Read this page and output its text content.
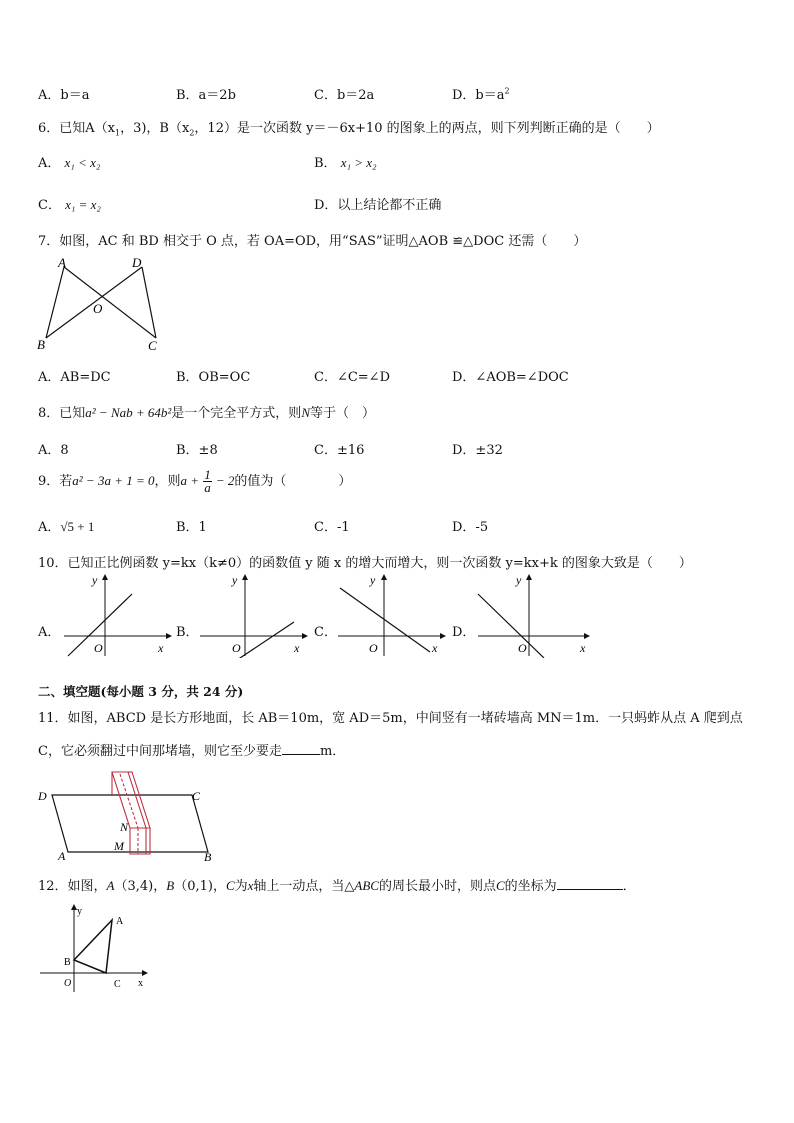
A．b＝a	B．a＝2b	C．b＝2a	D．$b=a^2$
6．已知$A(x_1$，3)，$B(x_2$，12）是一次函数 y＝－6x+10 的图象上的两点，则下列判断正确的是（　　）
A． x₁ < x₂	B． x₁ > x₂
C． x₁ = x₂	D．以上结论都不正确
7．如图，AC 和 BD 相交于 O 点，若 OA=OD，用“SAS”证明△AOB ≌△DOC 还需（　　）
A	D
O
B	C
A．AB=DC	B．OB=OC	C．∠C=∠D	D．∠AOB=∠DOC
8．已知a² − Nab + 64b²是一个完全平方式，则N等于（　）
A．8	B．±8	C．±16	D．±32
9．若a² − 3a + 1 = 0，则$a + \frac{1}{a} - 2$的值为（　　　　）
A．√5 + 1	B．1	C．-1	D．-5
10．已知正比例函数 y=kx（k≠0）的函数值 y 随 x 的增大而增大，则一次函数 y=kx+k 的图象大致是（　　）
A．
y
x
O
B．
y
x
O
C．
y
x
O
D．
y
x
O
二、填空题(每小题 3 分，共 24 分)
11．如图，ABCD 是长方形地面，长 AB＝10m，宽 AD＝5m，中间竖有一堵砖墙高 MN＝1m．一只蚂蚱从点 A 爬到点
C，它必须翻过中间那堵墙，则它至少要走	m．
D	C
A	B
M
N
12．如图，A（3,4)，B（0,1)，C为x轴上一动点，当△ABC的周长最小时，则点C的坐标为	．
y
A
B
O	C x
